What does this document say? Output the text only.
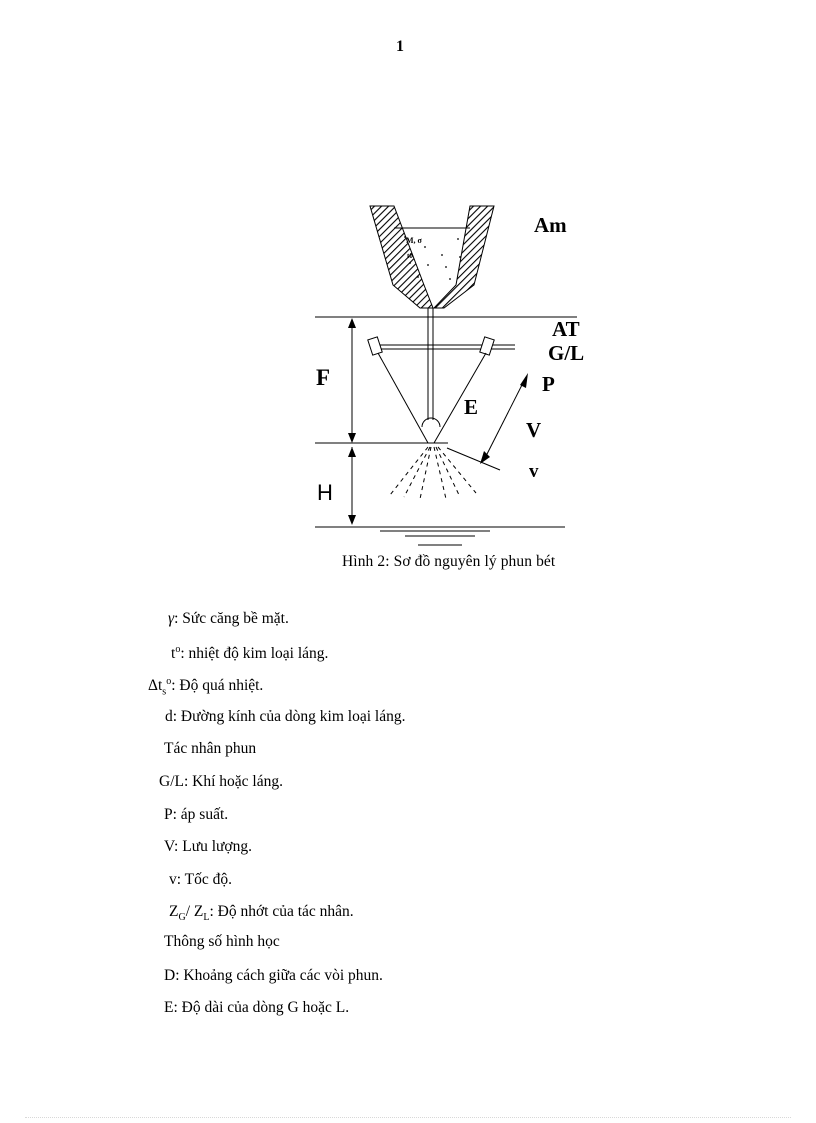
1
M, σ
t0
Am
AT
G/L
P
F
E
V
v
H
Hình 2: Sơ đồ nguyên lý phun bét
γ: Sức căng bề mặt.
$t^o$: nhiệt độ kim loại láng.
$\Delta t_s^o$: Độ quá nhiệt.
d: Đường kính của dòng kim loại láng.
Tác nhân phun
G/L: Khí hoặc láng.
P: áp suất.
V: Lưu lượng.
v: Tốc độ.
$Z_G/$ $Z_L$: Độ nhớt của tác nhân.
Thông số hình học
D: Khoảng cách giữa các vòi phun.
E: Độ dài của dòng G hoặc L.
